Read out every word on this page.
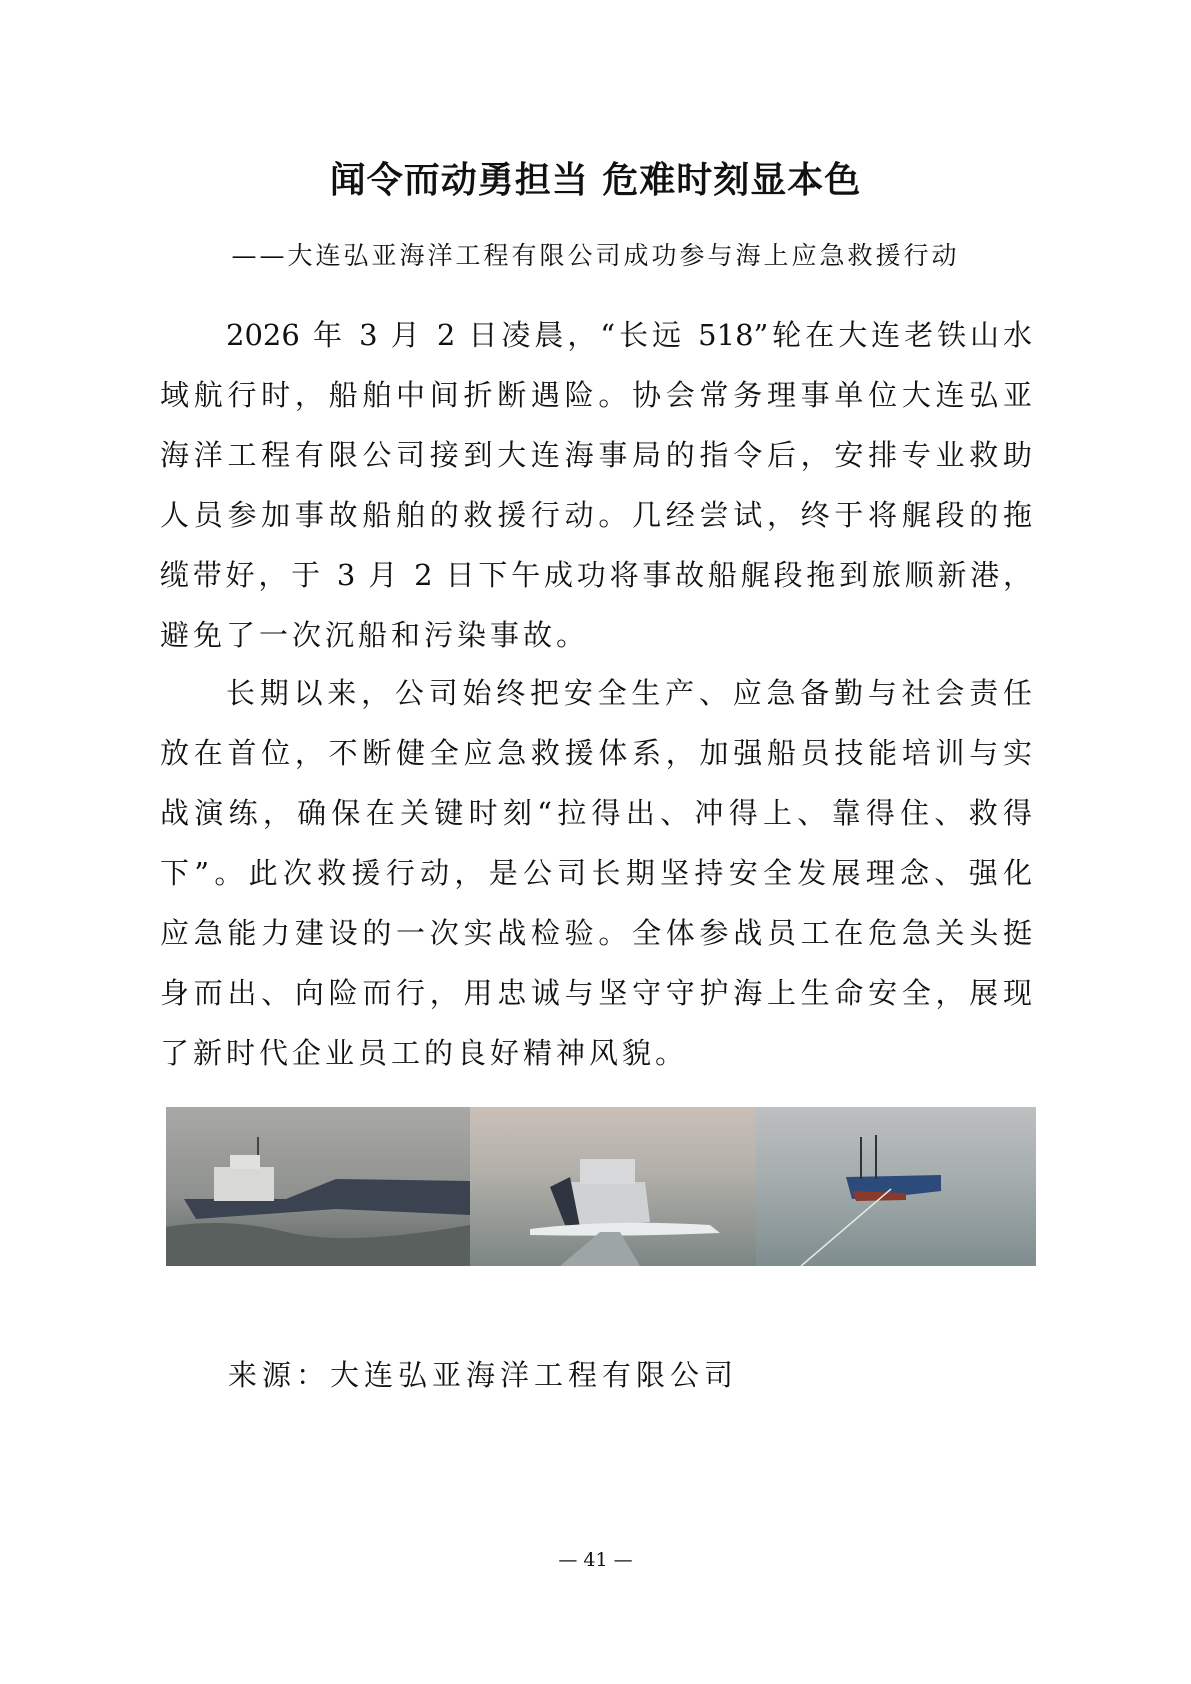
闻令而动勇担当 危难时刻显本色
——大连弘亚海洋工程有限公司成功参与海上应急救援行动
2026 年 3 月 2 日凌晨，“长远 518”轮在大连老铁山水
域航行时，船舶中间折断遇险。协会常务理事单位大连弘亚
海洋工程有限公司接到大连海事局的指令后，安排专业救助
人员参加事故船舶的救援行动。几经尝试，终于将艉段的拖
缆带好，于 3 月 2 日下午成功将事故船艉段拖到旅顺新港，
避免了一次沉船和污染事故。
长期以来，公司始终把安全生产、应急备勤与社会责任
放在首位，不断健全应急救援体系，加强船员技能培训与实
战演练，确保在关键时刻“拉得出、冲得上、靠得住、救得
下”。此次救援行动，是公司长期坚持安全发展理念、强化
应急能力建设的一次实战检验。全体参战员工在危急关头挺
身而出、向险而行，用忠诚与坚守守护海上生命安全，展现
了新时代企业员工的良好精神风貌。
来源：大连弘亚海洋工程有限公司
— 41 —
